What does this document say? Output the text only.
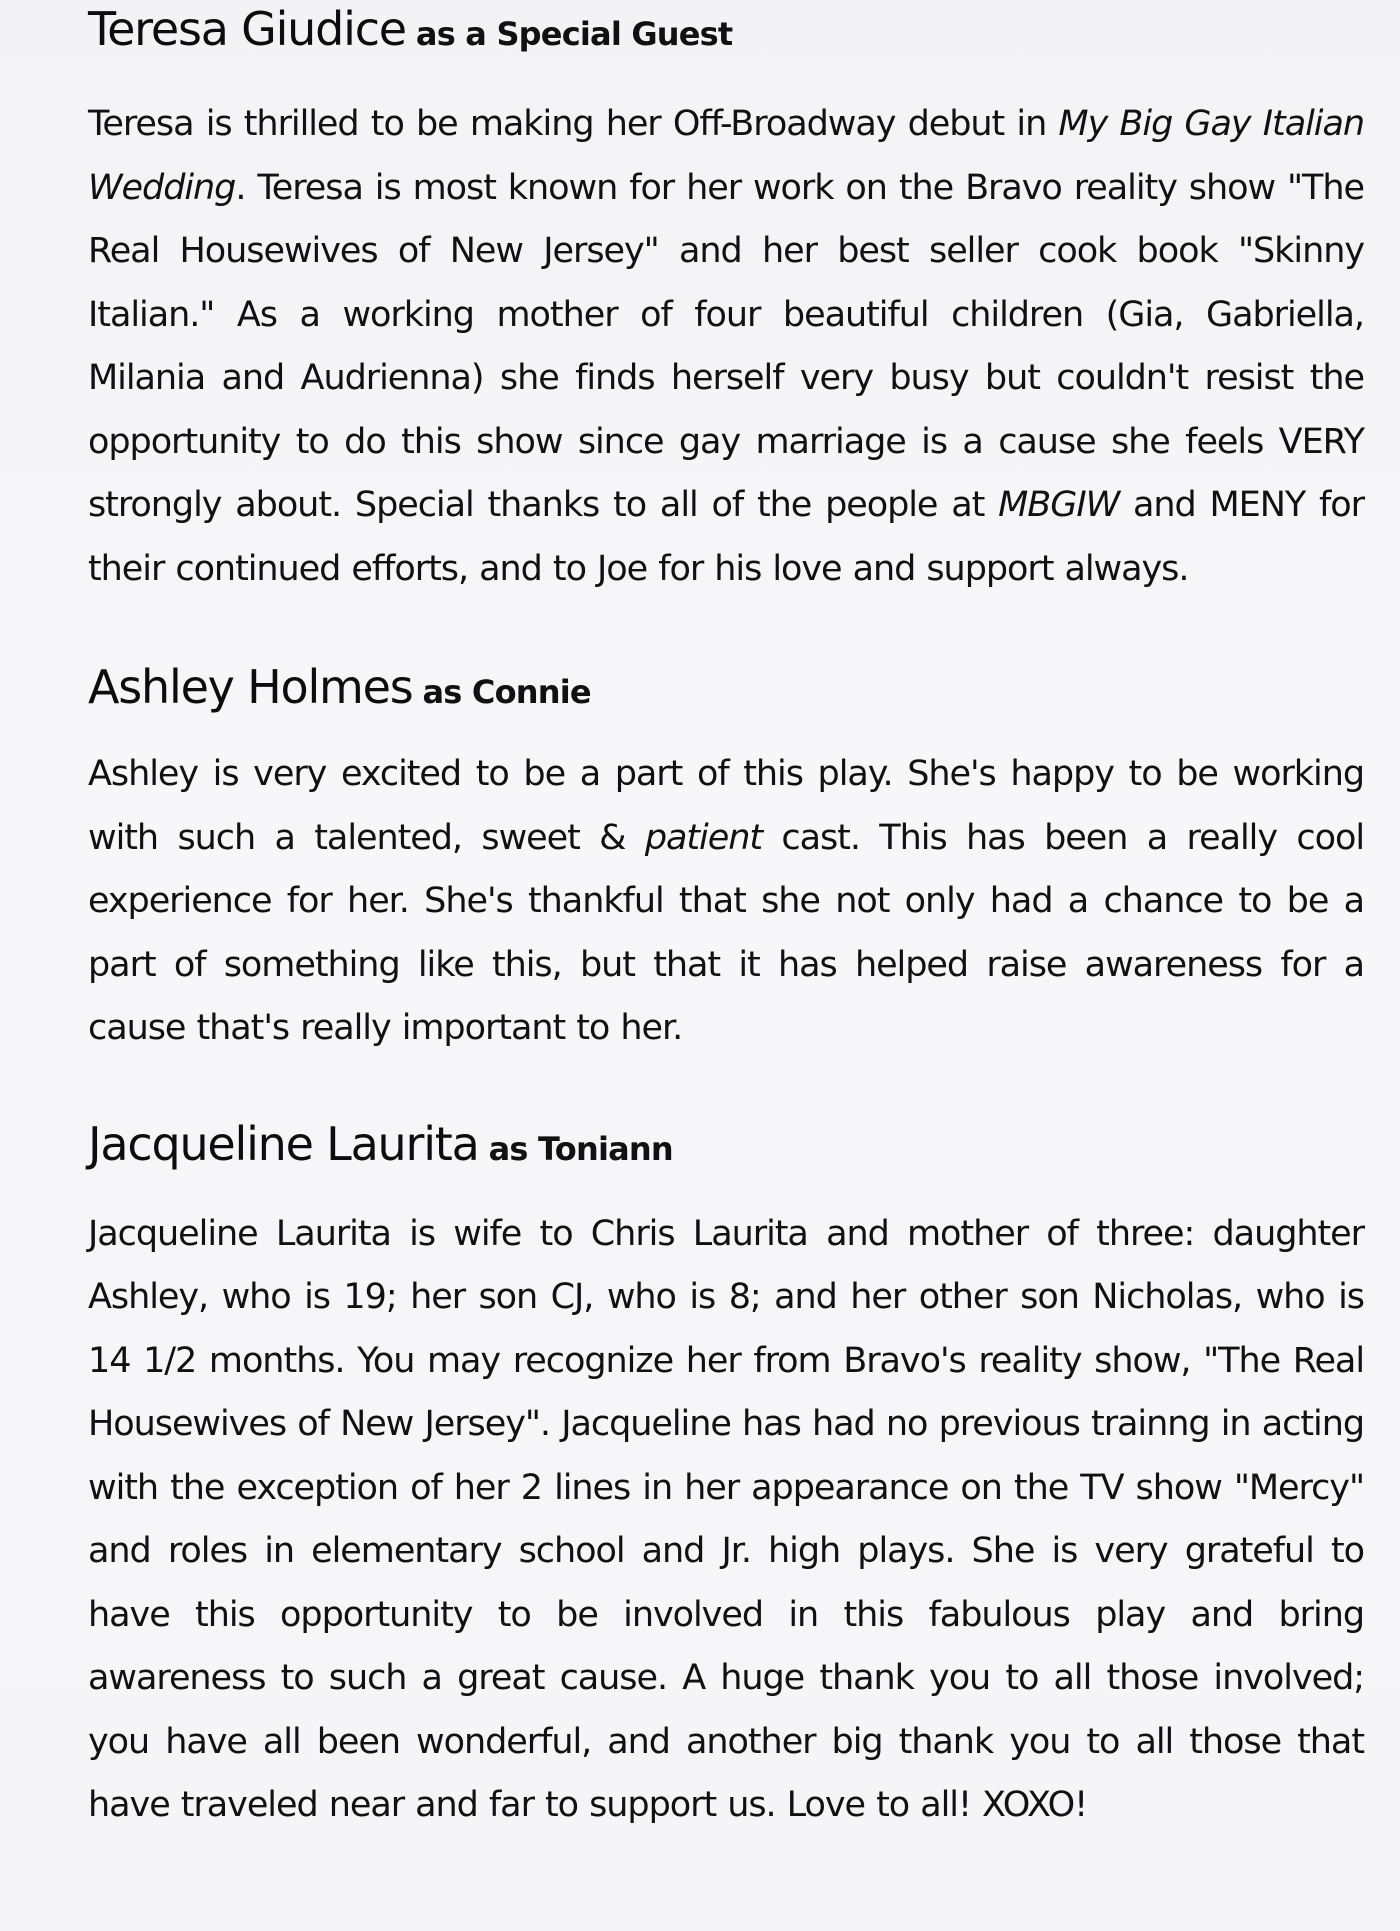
Teresa Giudice as a Special Guest

Teresa is thrilled to be making her Off-Broadway debut in My Big Gay Italian Wedding. Teresa is most known for her work on the Bravo reality show "The Real Housewives of New Jersey" and her best seller cook book "Skinny Italian." As a working mother of four beautiful children (Gia, Gabriella, Milania and Audrienna) she finds herself very busy but couldn't resist the opportunity to do this show since gay marriage is a cause she feels VERY strongly about. Special thanks to all of the people at MBGIW and MENY for their continued efforts, and to Joe for his love and support always.

Ashley Holmes as Connie

Ashley is very excited to be a part of this play. She's happy to be working with such a talented, sweet & patient cast. This has been a really cool experience for her. She's thankful that she not only had a chance to be a part of something like this, but that it has helped raise awareness for a cause that's really important to her.

Jacqueline Laurita as Toniann

Jacqueline Laurita is wife to Chris Laurita and mother of three: daughter Ashley, who is 19; her son CJ, who is 8; and her other son Nicholas, who is 14 1/2 months. You may recognize her from Bravo's reality show, "The Real Housewives of New Jersey". Jacqueline has had no previous trainng in acting with the exception of her 2 lines in her appearance on the TV show "Mercy" and roles in elementary school and Jr. high plays. She is very grateful to have this opportunity to be involved in this fabulous play and bring awareness to such a great cause. A huge thank you to all those involved; you have all been wonderful, and another big thank you to all those that have traveled near and far to support us. Love to all! XOXO!
